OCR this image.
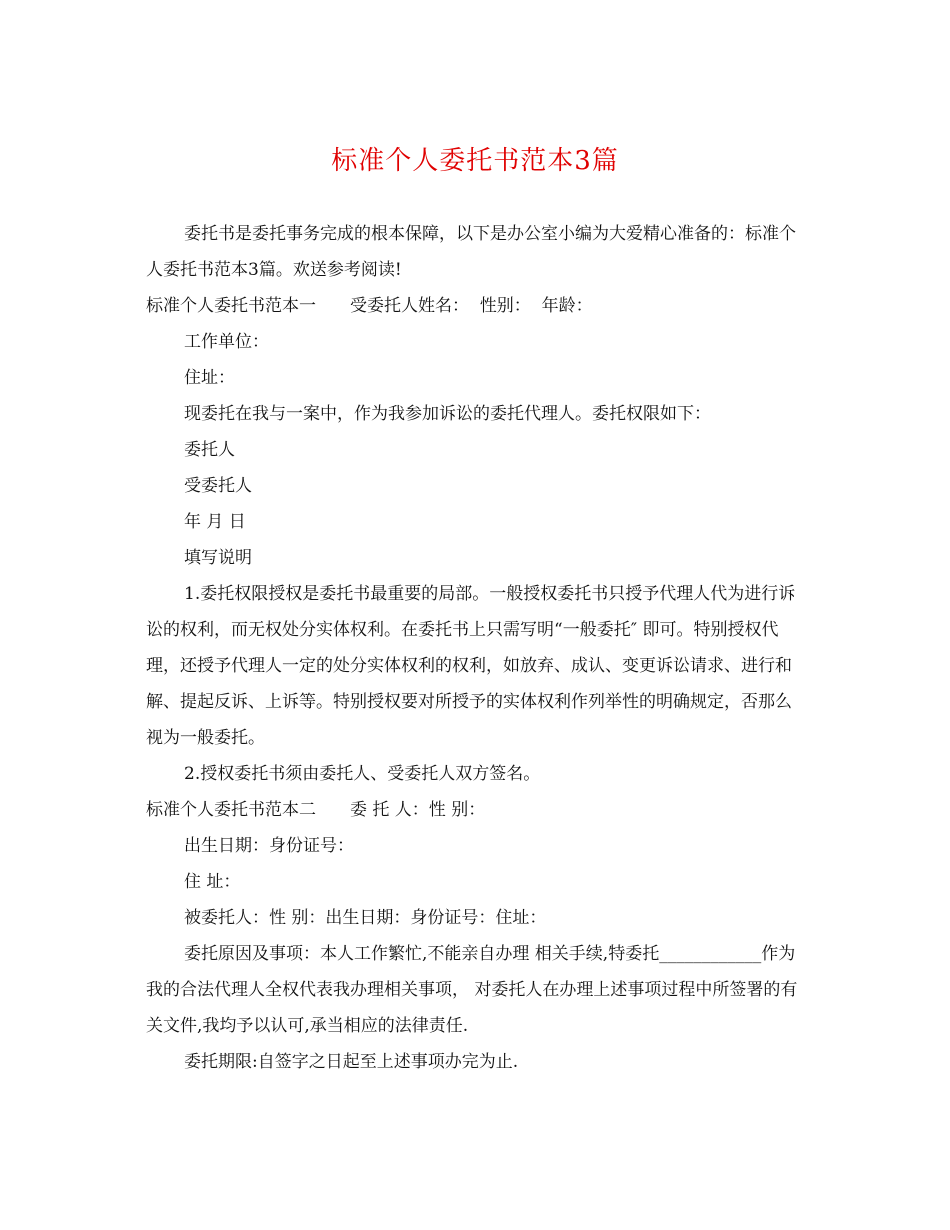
标准个人委托书范本3篇

委托书是委托事务完成的根本保障，以下是办公室小编为大爱精心准备的：标准个人委托书范本3篇。欢送参考阅读!

标准个人委托书范本一　　受委托人姓名：  性别：  年龄：

工作单位：

住址：

现委托在我与一案中，作为我参加诉讼的委托代理人。委托权限如下：

委托人

受委托人

年 月 日

填写说明

1.委托权限授权是委托书最重要的局部。一般授权委托书只授予代理人代为进行诉讼的权利，而无权处分实体权利。在委托书上只需写明“一般委托″ 即可。特别授权代理，还授予代理人一定的处分实体权利的权利，如放弃、成认、变更诉讼请求、进行和解、提起反诉、上诉等。特别授权要对所授予的实体权利作列举性的明确规定，否那么视为一般委托。

2.授权委托书须由委托人、受委托人双方签名。

标准个人委托书范本二　　委 托 人：性 别：

出生日期：身份证号：

住 址：

被委托人：性 别：出生日期：身份证号：住址：

委托原因及事项：本人工作繁忙,不能亲自办理 相关手续,特委托____________作为我的合法代理人全权代表我办理相关事项， 对委托人在办理上述事项过程中所签署的有关文件,我均予以认可,承当相应的法律责任.

委托期限:自签字之日起至上述事项办完为止.
